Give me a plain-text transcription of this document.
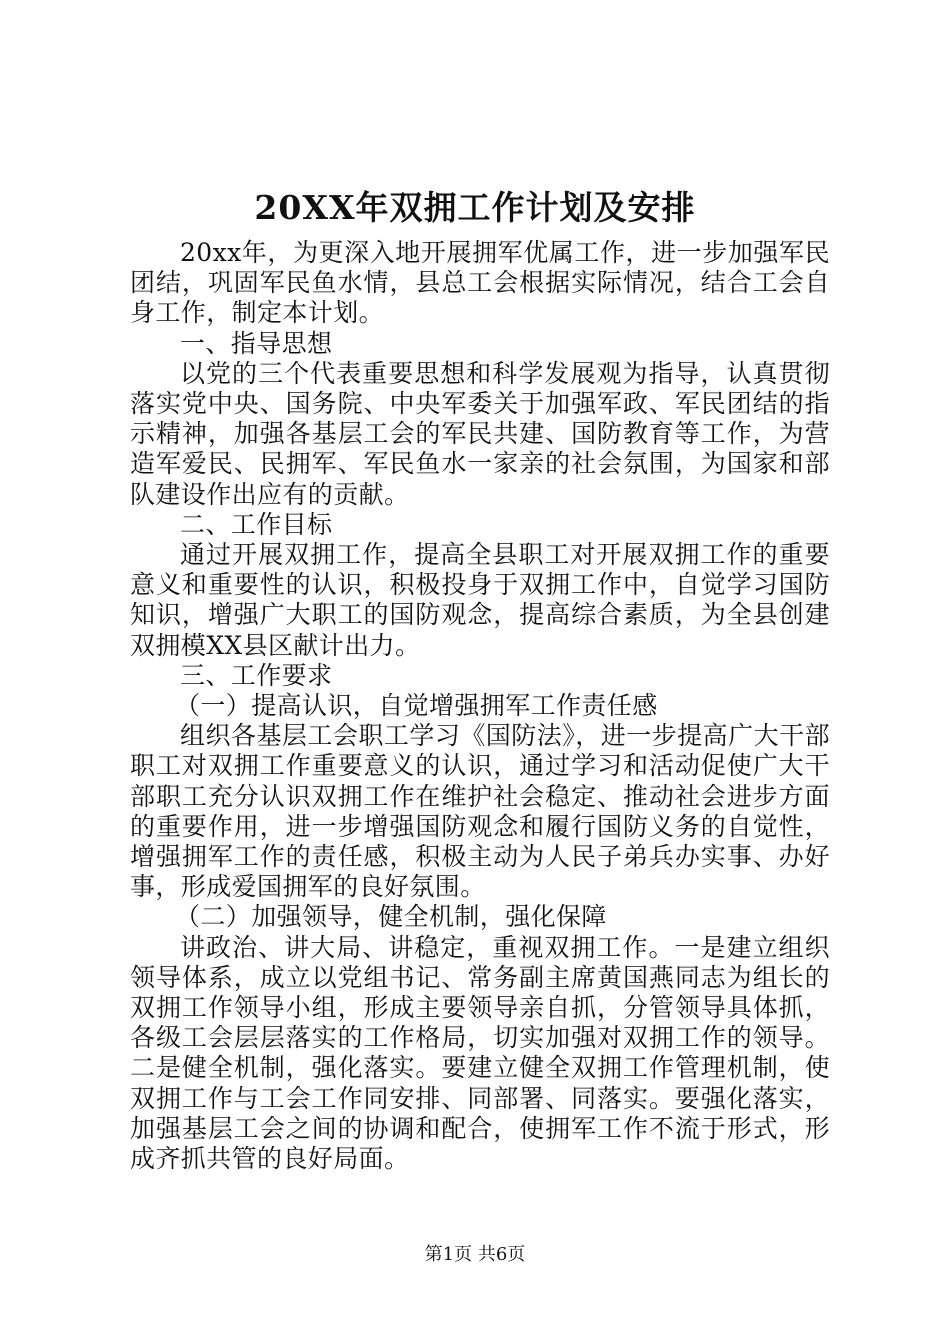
20XX年双拥工作计划及安排

20xx年，为更深入地开展拥军优属工作，进一步加强军民团结，巩固军民鱼水情，县总工会根据实际情况，结合工会自身工作，制定本计划。

一、指导思想

以党的三个代表重要思想和科学发展观为指导，认真贯彻落实党中央、国务院、中央军委关于加强军政、军民团结的指示精神，加强各基层工会的军民共建、国防教育等工作，为营造军爱民、民拥军、军民鱼水一家亲的社会氛围，为国家和部队建设作出应有的贡献。

二、工作目标

通过开展双拥工作，提高全县职工对开展双拥工作的重要意义和重要性的认识，积极投身于双拥工作中，自觉学习国防知识，增强广大职工的国防观念，提高综合素质，为全县创建双拥模XX县区献计出力。

三、工作要求

（一）提高认识，自觉增强拥军工作责任感

组织各基层工会职工学习《国防法》，进一步提高广大干部职工对双拥工作重要意义的认识，通过学习和活动促使广大干部职工充分认识双拥工作在维护社会稳定、推动社会进步方面的重要作用，进一步增强国防观念和履行国防义务的自觉性，增强拥军工作的责任感，积极主动为人民子弟兵办实事、办好事，形成爱国拥军的良好氛围。

（二）加强领导，健全机制，强化保障

讲政治、讲大局、讲稳定，重视双拥工作。一是建立组织领导体系，成立以党组书记、常务副主席黄国燕同志为组长的双拥工作领导小组，形成主要领导亲自抓，分管领导具体抓，各级工会层层落实的工作格局，切实加强对双拥工作的领导。二是健全机制，强化落实。要建立健全双拥工作管理机制，使双拥工作与工会工作同安排、同部署、同落实。要强化落实，加强基层工会之间的协调和配合，使拥军工作不流于形式，形成齐抓共管的良好局面。

第1页 共6页
